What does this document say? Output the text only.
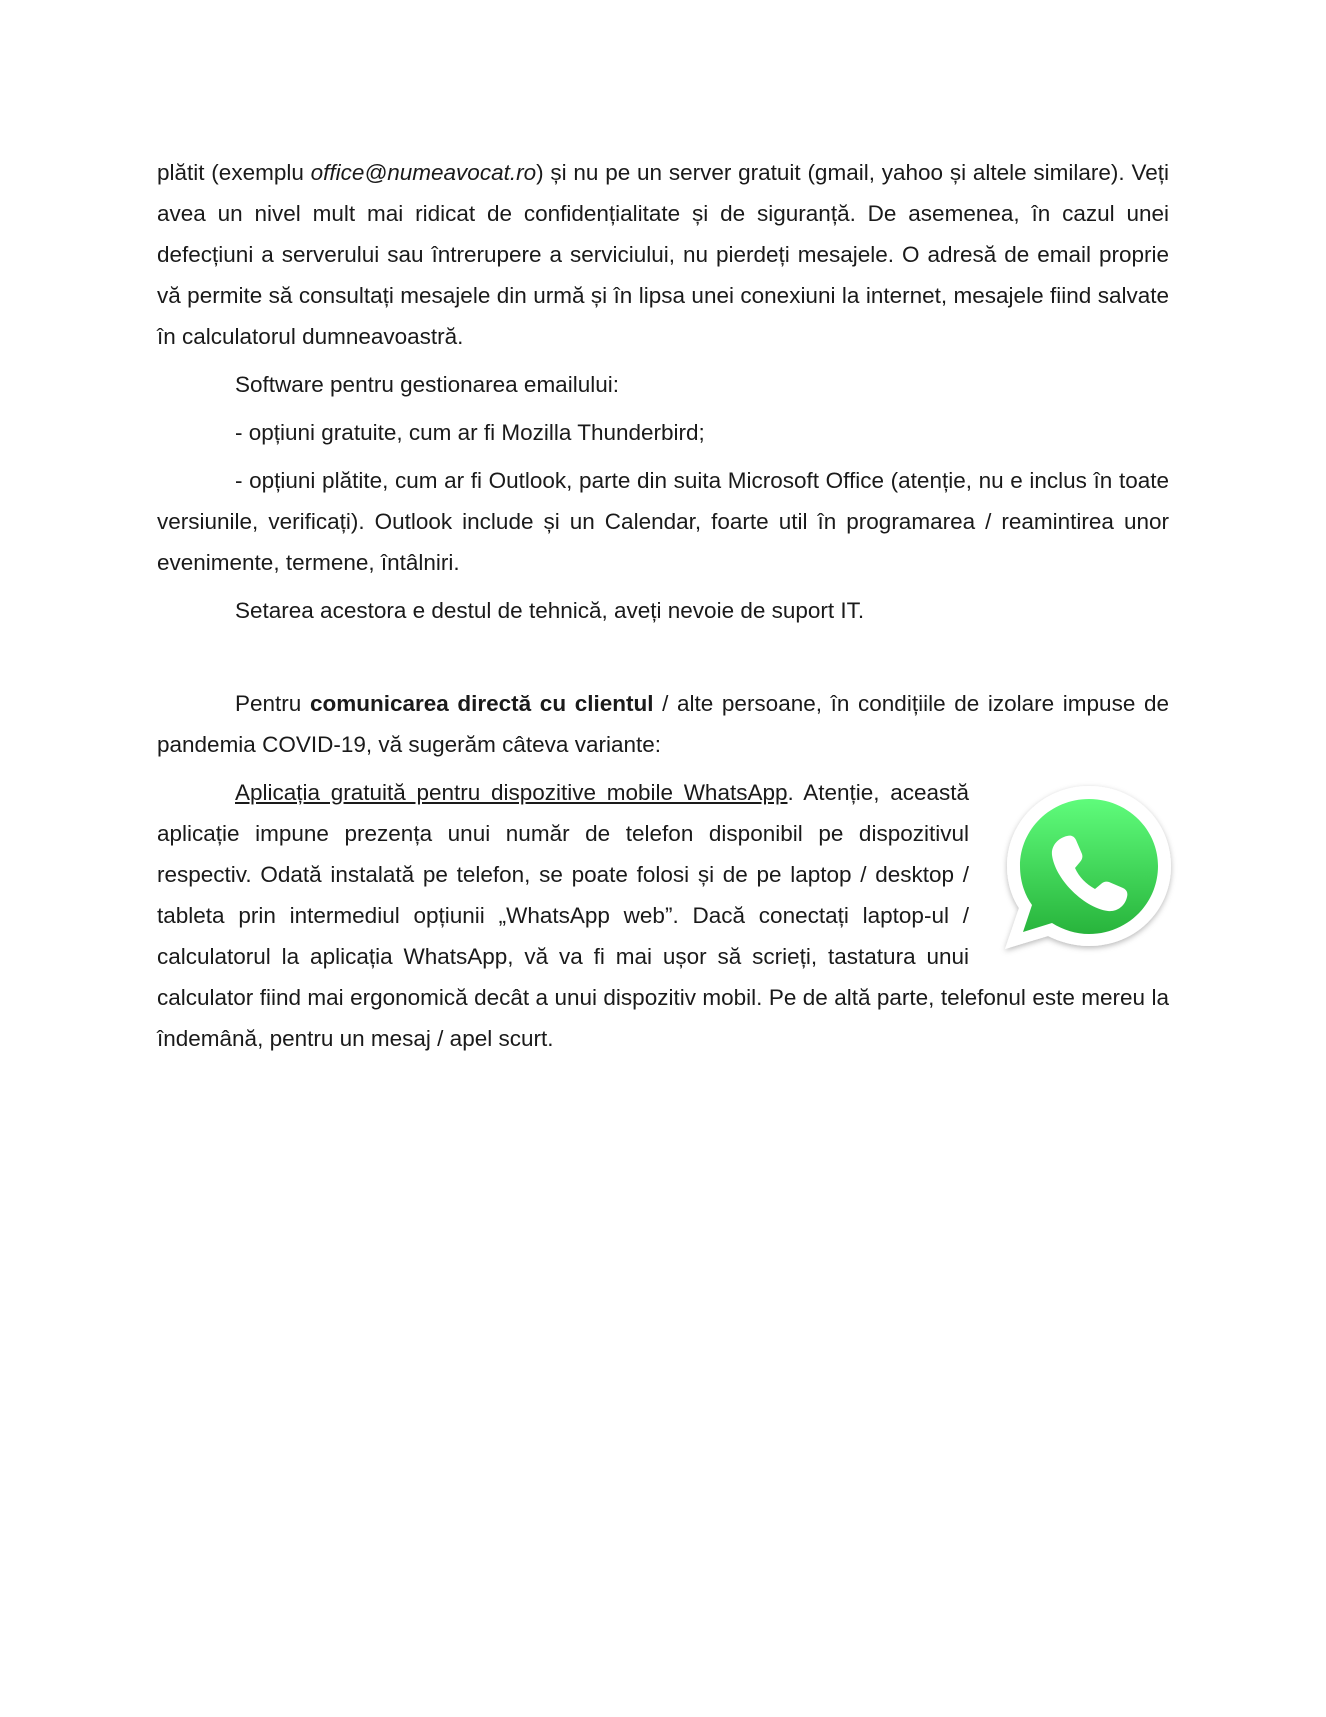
plătit (exemplu office@numeavocat.ro) și nu pe un server gratuit (gmail, yahoo și altele similare). Veți avea un nivel mult mai ridicat de confidențialitate și de siguranță. De asemenea, în cazul unei defecțiuni a serverului sau întrerupere a serviciului, nu pierdeți mesajele. O adresă de email proprie vă permite să consultați mesajele din urmă și în lipsa unei conexiuni la internet, mesajele fiind salvate în calculatorul dumneavoastră.

Software pentru gestionarea emailului:

- opțiuni gratuite, cum ar fi Mozilla Thunderbird;

- opțiuni plătite, cum ar fi Outlook, parte din suita Microsoft Office (atenție, nu e inclus în toate versiunile, verificați). Outlook include și un Calendar, foarte util în programarea / reamintirea unor evenimente, termene, întâlniri.

Setarea acestora e destul de tehnică, aveți nevoie de suport IT.

Pentru comunicarea directă cu clientul / alte persoane, în condițiile de izolare impuse de pandemia COVID-19, vă sugerăm câteva variante:

Aplicația gratuită pentru dispozitive mobile WhatsApp. Atenție, această aplicație impune prezența unui număr de telefon disponibil pe dispozitivul respectiv. Odată instalată pe telefon, se poate folosi și de pe laptop / desktop / tableta prin intermediul opțiunii „WhatsApp web”. Dacă conectați laptop-ul / calculatorul la aplicația WhatsApp, vă va fi mai ușor să scrieți, tastatura unui calculator fiind mai ergonomică decât a unui dispozitiv mobil. Pe de altă parte, telefonul este mereu la îndemână, pentru un mesaj / apel scurt.
